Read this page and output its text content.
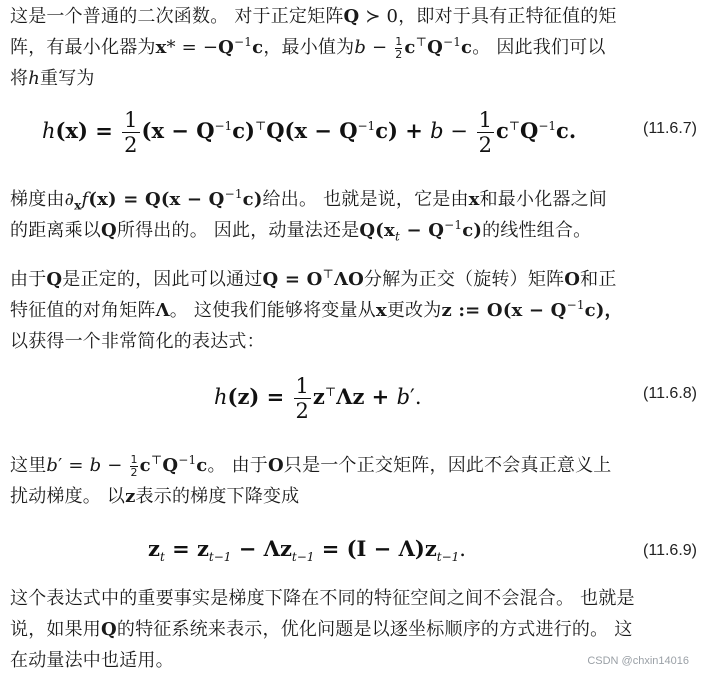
这是一个普通的二次函数。 对于正定矩阵Q ≻ 0，即对于具有正特征值的矩
阵，有最小化器为$x* = -Q^{-1}c$，最小值为$b - \frac{1}{2} c^⊤Q^{-1}c$。 因此我们可以
将h重写为
$h(x) = \frac{1}{2} (x - Q^{-1}c)^⊤Q(x - Q^{-1}c) + b - \frac{1}{2} c^⊤Q^{-1}c$.	(11.6.7)
梯度由$\partial_xf(x) = Q(x - Q^{-1}c)$给出。 也就是说，它是由x和最小化器之间
的距离乘以Q所得出的。 因此，动量法还是$Q(x_t - Q^{-1}c)$的线性组合。
由于Q是正定的，因此可以通过Q = O⊤ΛO分解为正交（旋转）矩阵O和正
特征值的对角矩阵Λ。 这使我们能够将变量从x更改为z := $O(x - Q^{-1}c)$，
以获得一个非常简化的表达式：
$h(z) = \frac{1}{2} z^⊤\Lambda z + b'$.	(11.6.8)
这里$b' = b - \frac{1}{2} c^⊤Q^{-1}c$。 由于O只是一个正交矩阵，因此不会真正意义上
扰动梯度。 以z表示的梯度下降变成
$z_t = z_{t-1} - \Lambda z_{t-1} = (I - \Lambda)z_{t-1}$.	(11.6.9)
这个表达式中的重要事实是梯度下降在不同的特征空间之间不会混合。 也就是
说，如果用Q的特征系统来表示，优化问题是以逐坐标顺序的方式进行的。 这
在动量法中也适用。	CSDN @chxin14016
